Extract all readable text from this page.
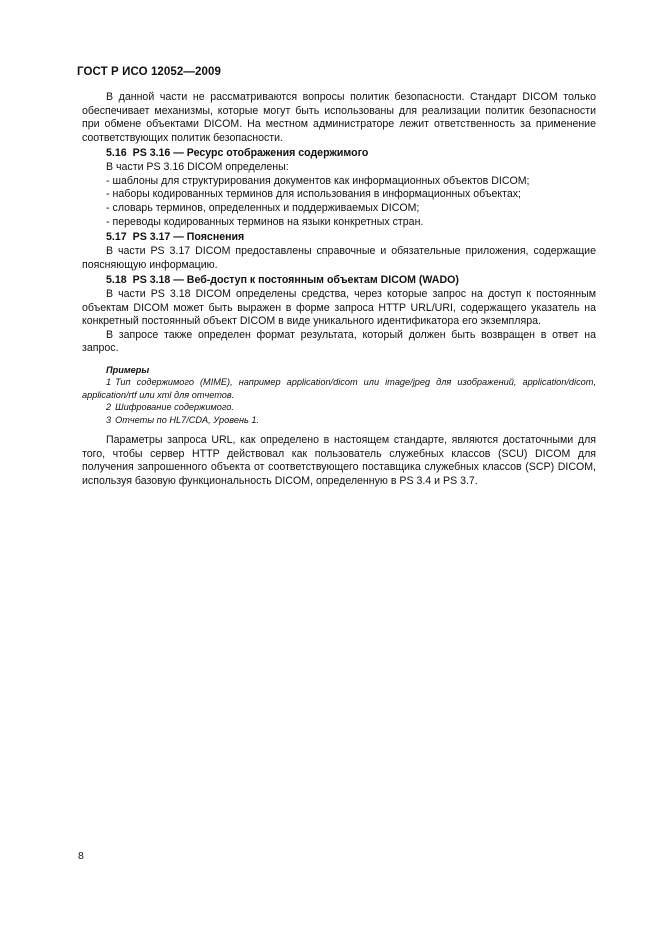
ГОСТ Р ИСО 12052—2009

В данной части не рассматриваются вопросы политик безопасности. Стандарт DICOM только обеспечивает механизмы, которые могут быть использованы для реализации политик безопасности при обмене объектами DICOM. На местном администраторе лежит ответственность за применение соответствующих политик безопасности.

5.16 PS 3.16 — Ресурс отображения содержимого

В части PS 3.16 DICOM определены:

- шаблоны для структурирования документов как информационных объектов DICOM;
- наборы кодированных терминов для использования в информационных объектах;
- словарь терминов, определенных и поддерживаемых DICOM;
- переводы кодированных терминов на языки конкретных стран.
5.17 PS 3.17 — Пояснения

В части PS 3.17 DICOM предоставлены справочные и обязательные приложения, содержащие поясняющую информацию.

5.18 PS 3.18 — Веб-доступ к постоянным объектам DICOM (WADO)

В части PS 3.18 DICOM определены средства, через которые запрос на доступ к постоянным объектам DICOM может быть выражен в форме запроса HTTP URL/URI, содержащего указатель на конкретный постоянный объект DICOM в виде уникального идентификатора его экземпляра.

В запросе также определен формат результата, который должен быть возвращен в ответ на запрос.

Примеры
1 Тип содержимого (MIME), например application/dicom или image/jpeg для изображений, application/dicom, application/rtf или xml для отчетов.
2 Шифрование содержимого.
3 Отчеты по HL7/CDA, Уровень 1.

Параметры запроса URL, как определено в настоящем стандарте, являются достаточными для того, чтобы сервер HTTP действовал как пользователь служебных классов (SCU) DICOM для получения запрошенного объекта от соответствующего поставщика служебных классов (SCP) DICOM, используя базовую функциональность DICOM, определенную в PS 3.4 и PS 3.7.

8
